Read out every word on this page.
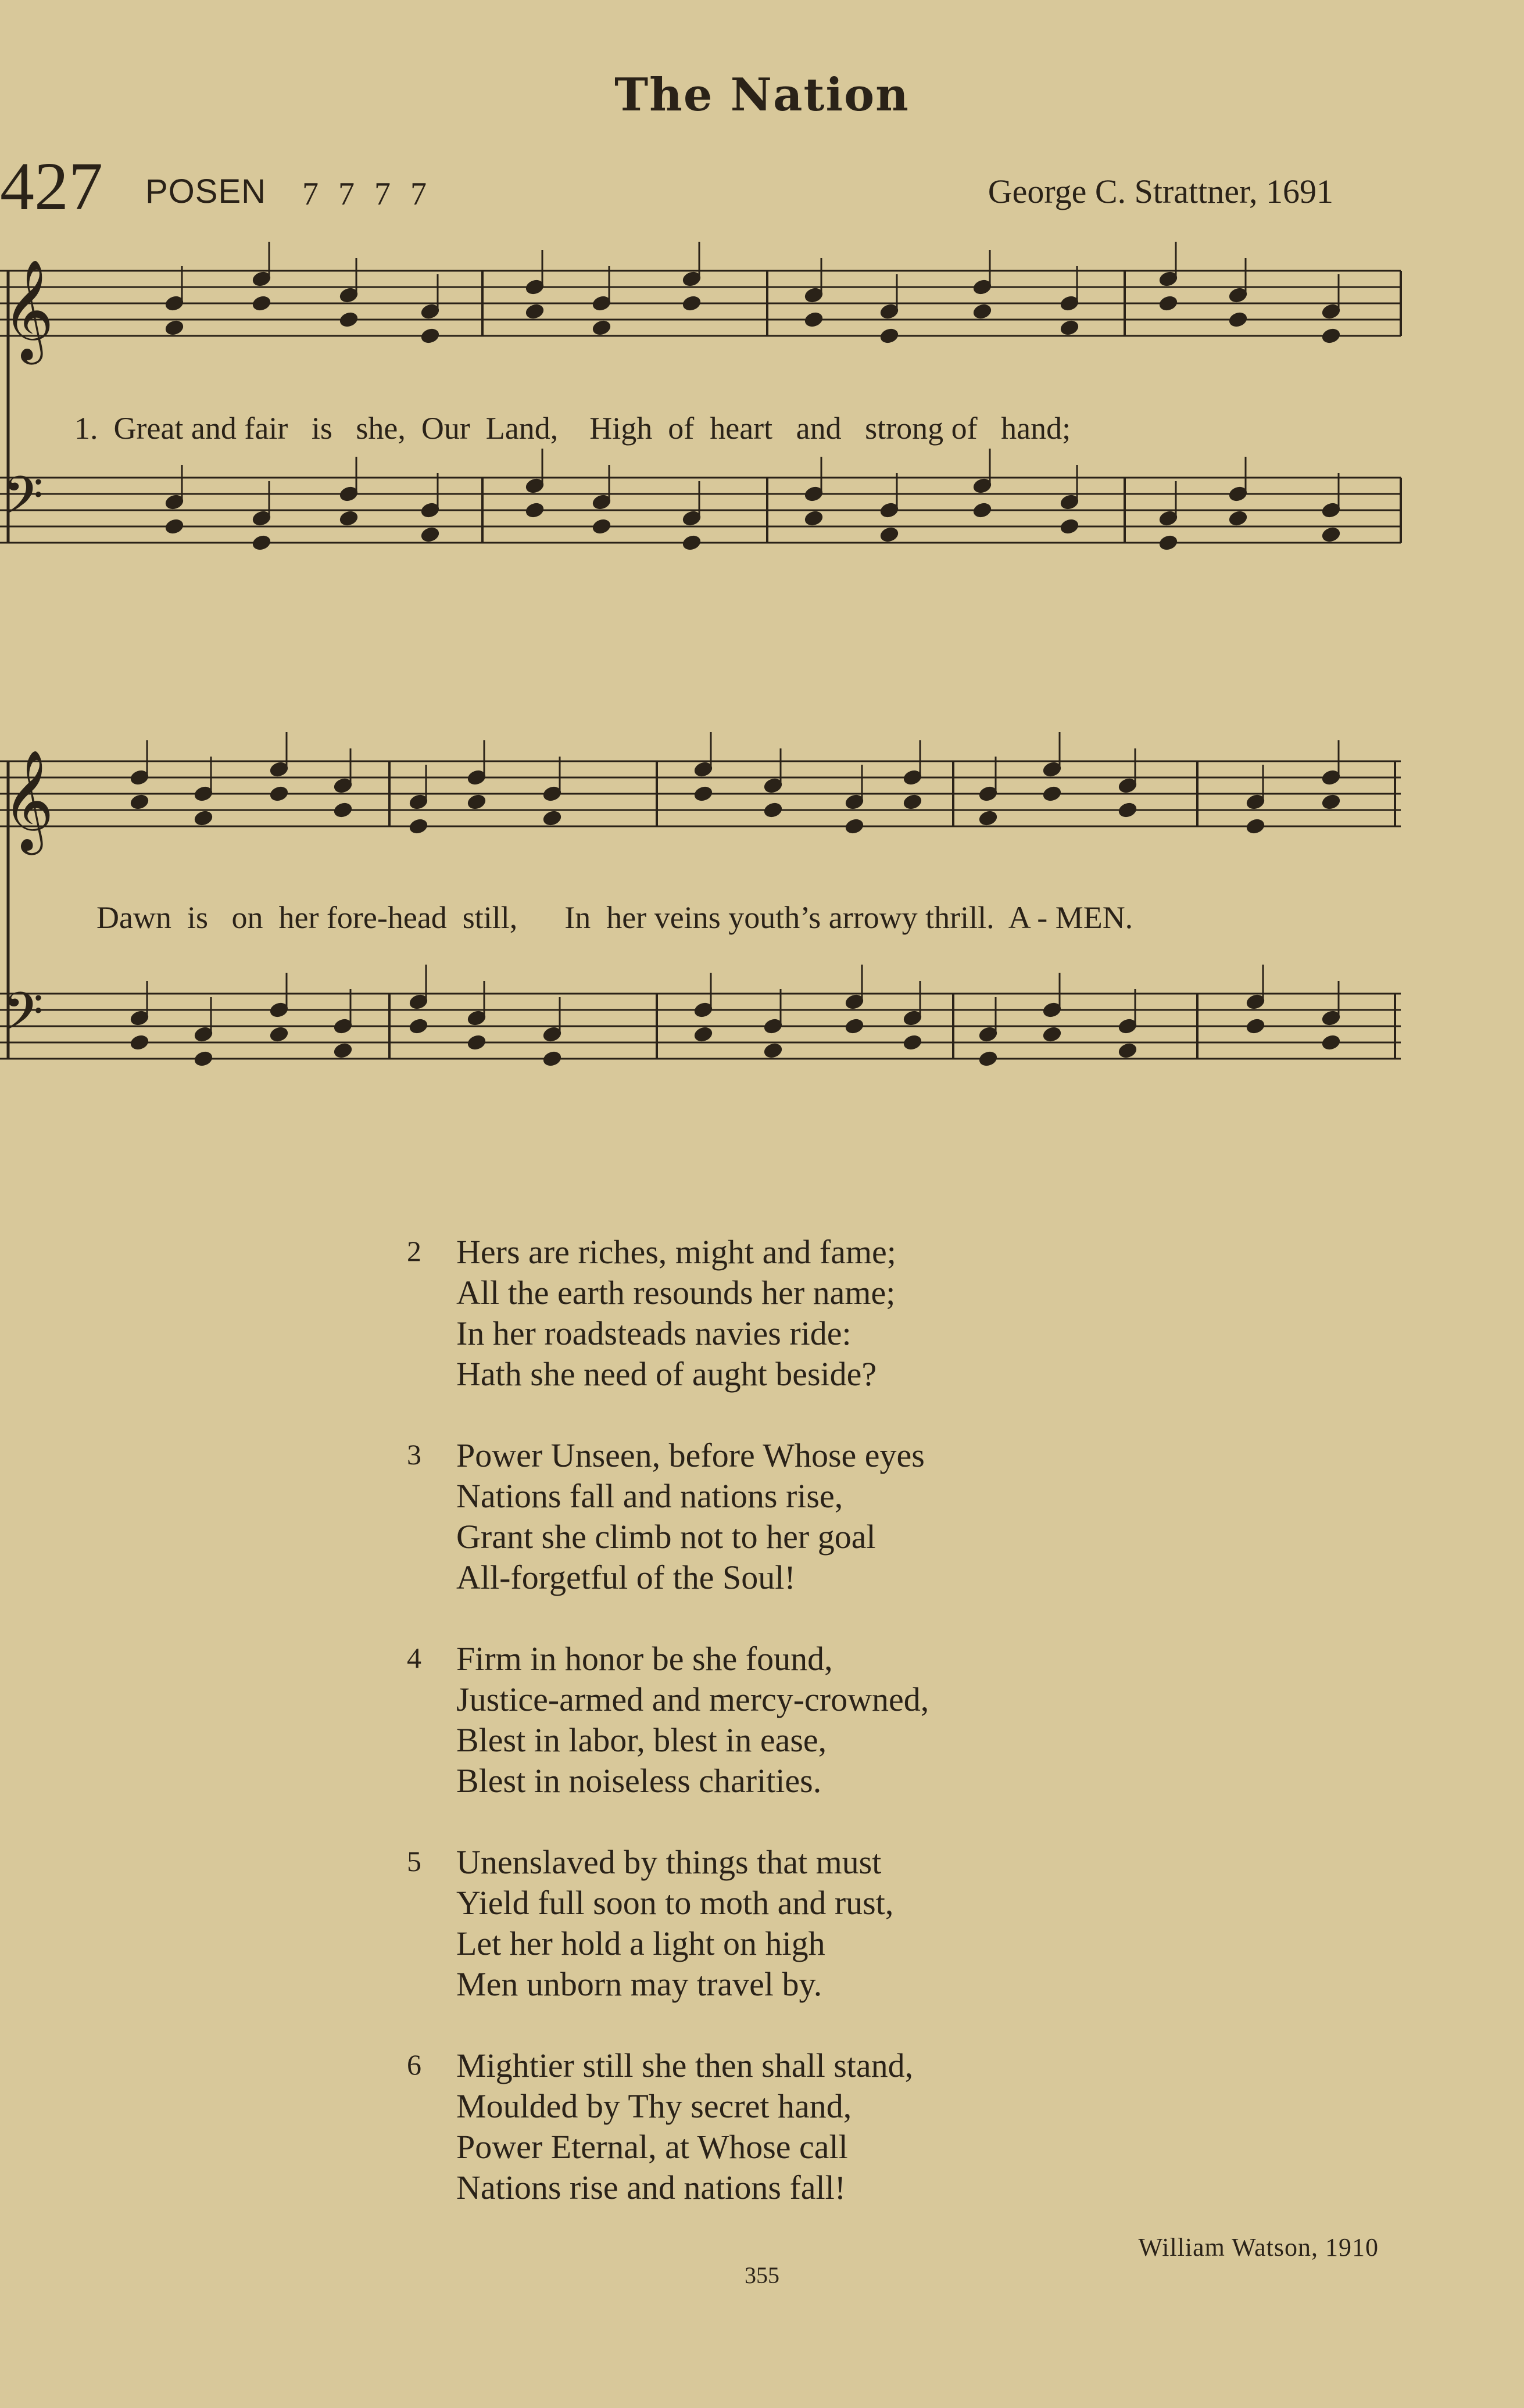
The Nation
427 POSEN 7 7 7 7	George C. Strattner, 1691
𝄞
𝄢
𝄞
𝄢
1.  Great and fair   is   she,  Our  Land,    High  of  heart   and   strong of   hand;
Dawn  is   on  her fore-head  still,      In  her veins youth’s arrowy thrill.  A - MEN.
2 Hers are riches, might and fame;
All the earth resounds her name;
In her roadsteads navies ride:
Hath she need of aught beside?
3 Power Unseen, before Whose eyes
Nations fall and nations rise,
Grant she climb not to her goal
All-forgetful of the Soul!
4 Firm in honor be she found,
Justice-armed and mercy-crowned,
Blest in labor, blest in ease,
Blest in noiseless charities.
5 Unenslaved by things that must
Yield full soon to moth and rust,
Let her hold a light on high
Men unborn may travel by.
6 Mightier still she then shall stand,
Moulded by Thy secret hand,
Power Eternal, at Whose call
Nations rise and nations fall!
William Watson, 1910
355
